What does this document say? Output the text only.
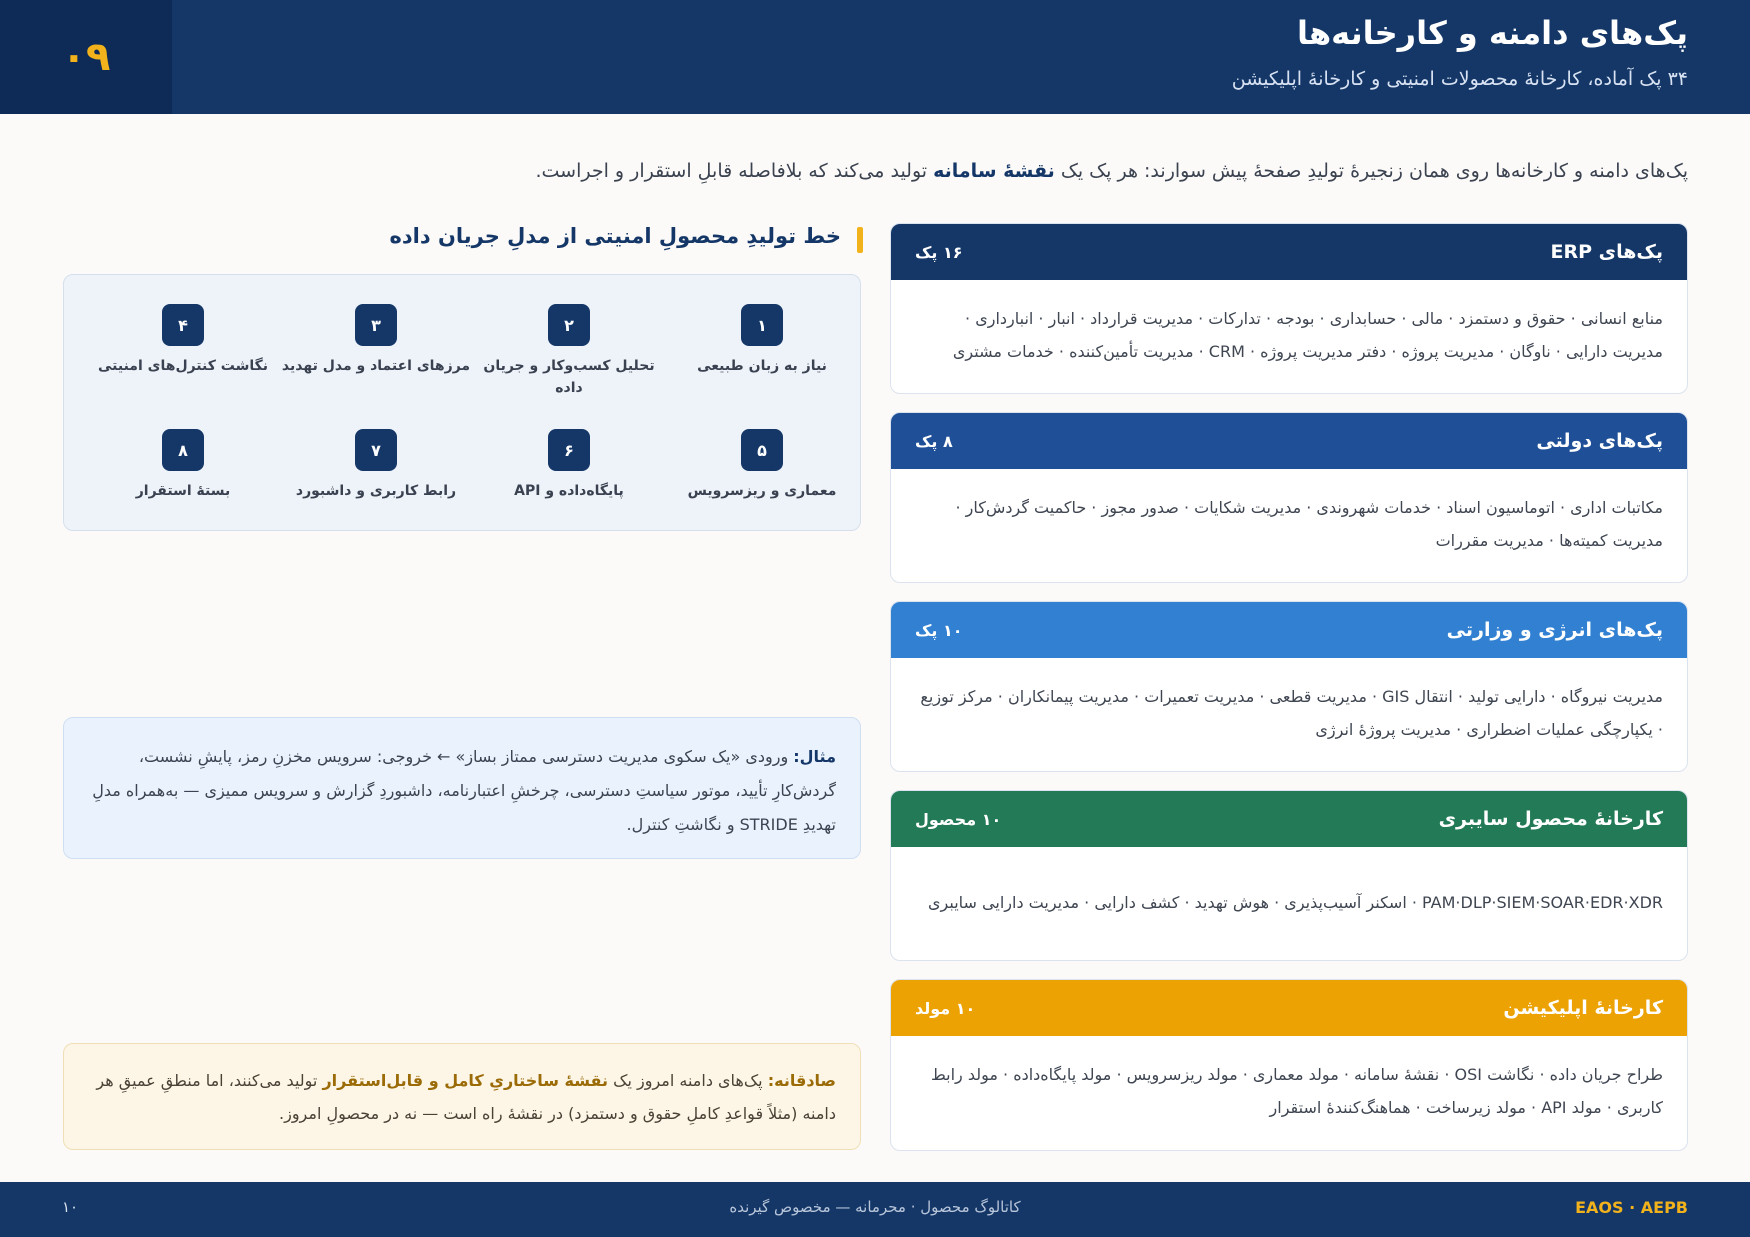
۰۹
پک‌های دامنه و کارخانه‌ها
۳۴ پک آماده، کارخانهٔ محصولات امنیتی و کارخانهٔ اپلیکیشن
پک‌های دامنه و کارخانه‌ها روی همان زنجیرهٔ تولیدِ صفحهٔ پیش سوارند: هر پک یک نقشهٔ سامانه تولید می‌کند که بلافاصله قابلِ استقرار و اجراست.
پک‌های ERP
۱۶ پک
منابع انسانی · حقوق و دستمزد · مالی · حسابداری · بودجه · تدارکات · مدیریت قرارداد · انبار · انبارداری · مدیریت دارایی · ناوگان · مدیریت پروژه · دفتر مدیریت پروژه · CRM · مدیریت تأمین‌کننده · خدمات مشتری
پک‌های دولتی
۸ پک
مکاتبات اداری · اتوماسیون اسناد · خدمات شهروندی · مدیریت شکایات · صدور مجوز · حاکمیت گردش‌کار · مدیریت کمیته‌ها · مدیریت مقررات
پک‌های انرژی و وزارتی
۱۰ پک
مدیریت نیروگاه · دارایی تولید · انتقال GIS · مدیریت قطعی · مدیریت تعمیرات · مدیریت پیمانکاران · مرکز توزیع · یکپارچگی عملیات اضطراری · مدیریت پروژهٔ انرژی
کارخانهٔ محصول سایبری
۱۰ محصول
PAM·DLP·SIEM·SOAR·EDR·XDR · اسکنر آسیب‌پذیری · هوش تهدید · کشف دارایی · مدیریت دارایی سایبری
کارخانهٔ اپلیکیشن
۱۰ مولد
طراح جریان داده · نگاشت OSI · نقشهٔ سامانه · مولد معماری · مولد ریزسرویس · مولد پایگاه‌داده · مولد رابط کاربری · مولد API · مولد زیرساخت · هماهنگ‌کنندهٔ استقرار
خط تولیدِ محصولِ امنیتی از مدلِ جریان داده
۱
نیاز به زبان طبیعی
۲
تحلیل کسب‌وکار و جریان داده
۳
مرزهای اعتماد و مدل تهدید
۴
نگاشت کنترل‌های امنیتی
۵
معماری و ریزسرویس
۶
پایگاه‌داده و API
۷
رابط کاربری و داشبورد
۸
بستهٔ استقرار
مثال: ورودی «یک سکوی مدیریت دسترسی ممتاز بساز» ← خروجی: سرویس مخزنِ رمز، پایشِ نشست، گردش‌کارِ تأیید، موتور سیاستِ دسترسی، چرخشِ اعتبارنامه، داشبوردِ گزارش و سرویس ممیزی — به‌همراه مدلِ تهدیدِ STRIDE و نگاشتِ کنترل.
صادقانه: پک‌های دامنه امروز یک نقشهٔ ساختاریِ کامل و قابل‌استقرار تولید می‌کنند، اما منطقِ عمیقِ هر دامنه (مثلاً قواعدِ کاملِ حقوق و دستمزد) در نقشهٔ راه است — نه در محصولِ امروز.
EAOS · AEPB
کاتالوگ محصول · محرمانه — مخصوص گیرنده
۱۰
